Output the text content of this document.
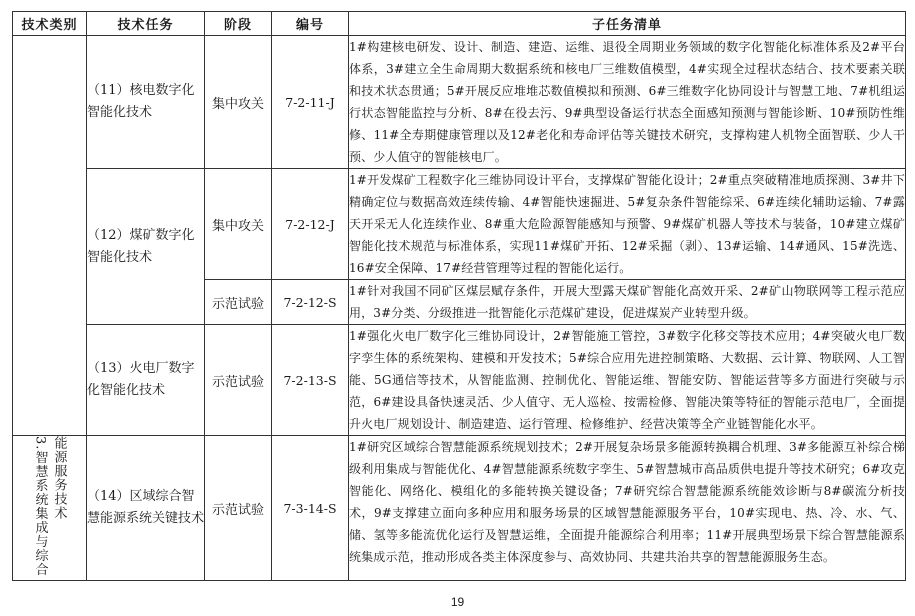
技术类别	技术任务	阶段	编号	子任务清单
	（11）核电数字化智能化技术	集中攻关	7-2-11-J	1#构建核电研发、设计、制造、建造、运维、退役全周期业务领域的数字化智能化标准体系及2#平台体系，3#建立全生命周期大数据系统和核电厂三维数值模型，4#实现全过程状态结合、技术要素关联和技术状态贯通；5#开展反应堆堆芯数值模拟和预测、6#三维数字化协同设计与智慧工地、7#机组运行状态智能监控与分析、8#在役去污、9#典型设备运行状态全面感知预测与智能诊断、10#预防性维修、11#全寿期健康管理以及12#老化和寿命评估等关键技术研究，支撑构建人机物全面智联、少人干预、少人值守的智能核电厂。
	（12）煤矿数字化智能化技术	集中攻关	7-2-12-J	1#开发煤矿工程数字化三维协同设计平台，支撑煤矿智能化设计；2#重点突破精准地质探测、3#井下精确定位与数据高效连续传输、4#智能快速掘进、5#复杂条件智能综采、6#连续化辅助运输、7#露天开采无人化连续作业、8#重大危险源智能感知与预警、9#煤矿机器人等技术与装备，10#建立煤矿智能化技术规范与标准体系，实现11#煤矿开拓、12#采掘（剥）、13#运输、14#通风、15#洗选、16#安全保障、17#经营管理等过程的智能化运行。
		示范试验	7-2-12-S	1#针对我国不同矿区煤层赋存条件，开展大型露天煤矿智能化高效开采、2#矿山物联网等工程示范应用，3#分类、分级推进一批智能化示范煤矿建设，促进煤炭产业转型升级。
	（13）火电厂数字化智能化技术	示范试验	7-2-13-S	1#强化火电厂数字化三维协同设计，2#智能施工管控，3#数字化移交等技术应用；4#突破火电厂数字孪生体的系统架构、建模和开发技术；5#综合应用先进控制策略、大数据、云计算、物联网、人工智能、5G通信等技术，从智能监测、控制优化、智能运维、智能安防、智能运营等多方面进行突破与示范，6#建设具备快速灵活、少人值守、无人巡检、按需检修、智能决策等特征的智能示范电厂，全面提升火电厂规划设计、制造建造、运行管理、检修维护、经营决策等全产业链智能化水平。

3.智慧系统集成与综合 能源服务技术	（14）区域综合智慧能源系统关键技术	示范试验	7-3-14-S	1#研究区域综合智慧能源系统规划技术；2#开展复杂场景多能源转换耦合机理、3#多能源互补综合梯级利用集成与智能优化、4#智慧能源系统数字孪生、5#智慧城市高品质供电提升等技术研究；6#攻克智能化、网络化、模组化的多能转换关键设备；7#研究综合智慧能源系统能效诊断与8#碳流分析技术，9#支撑建立面向多种应用和服务场景的区域智慧能源服务平台，10#实现电、热、冷、水、气、储、氢等多能流优化运行及智慧运维，全面提升能源综合利用率；11#开展典型场景下综合智慧能源系统集成示范，推动形成各类主体深度参与、高效协同、共建共治共享的智慧能源服务生态。
19
